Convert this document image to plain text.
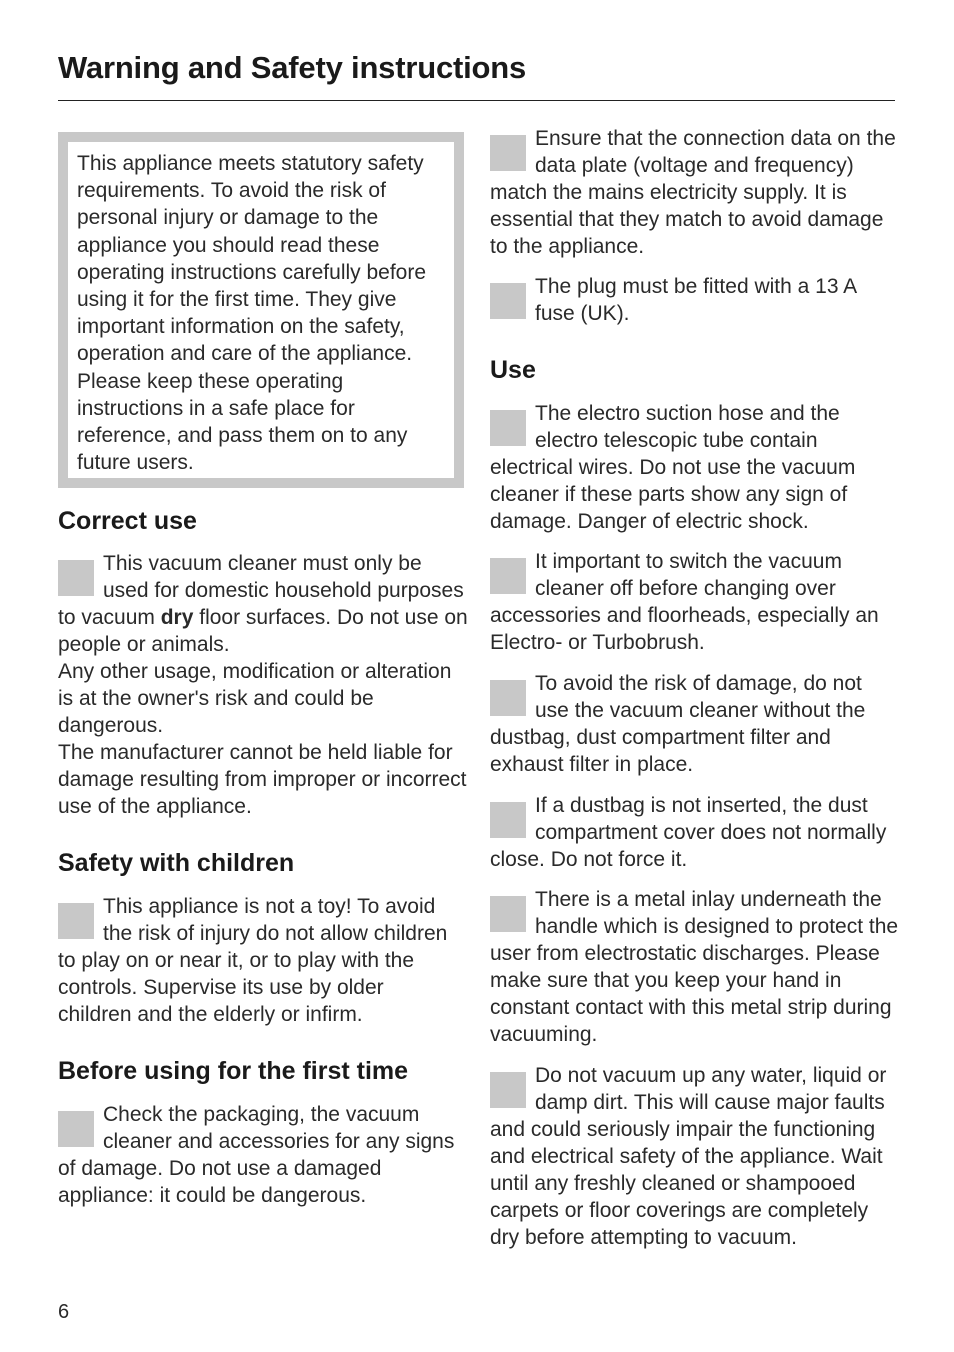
Warning and Safety instructions
This appliance meets statutory safety requirements. To avoid the risk of personal injury or damage to the appliance you should read these operating instructions carefully before using it for the first time. They give important information on the safety, operation and care of the appliance. Please keep these operating instructions in a safe place for reference, and pass them on to any future users.
Correct use

This vacuum cleaner must only be used for domestic household purposes to vacuum dry floor surfaces. Do not use on people or animals.

Any other usage, modification or alteration is at the owner's risk and could be dangerous.

The manufacturer cannot be held liable for damage resulting from improper or incorrect use of the appliance.

Safety with children

This appliance is not a toy! To avoid the risk of injury do not allow children to play on or near it, or to play with the controls. Supervise its use by older children and the elderly or infirm.

Before using for the first time

Check the packaging, the vacuum cleaner and accessories for any signs of damage. Do not use a damaged appliance: it could be dangerous.

Ensure that the connection data on the data plate (voltage and frequency) match the mains electricity supply. It is essential that they match to avoid damage to the appliance.

The plug must be fitted with a 13 A fuse (UK).

Use

The electro suction hose and the electro telescopic tube contain electrical wires. Do not use the vacuum cleaner if these parts show any sign of damage. Danger of electric shock.

It important to switch the vacuum cleaner off before changing over accessories and floorheads, especially an Electro- or Turbobrush.

To avoid the risk of damage, do not use the vacuum cleaner without the dustbag, dust compartment filter and exhaust filter in place.

If a dustbag is not inserted, the dust compartment cover does not normally close. Do not force it.

There is a metal inlay underneath the handle which is designed to protect the user from electrostatic discharges. Please make sure that you keep your hand in constant contact with this metal strip during vacuuming.

Do not vacuum up any water, liquid or damp dirt. This will cause major faults and could seriously impair the functioning and electrical safety of the appliance. Wait until any freshly cleaned or shampooed carpets or floor coverings are completely dry before attempting to vacuum.

6
